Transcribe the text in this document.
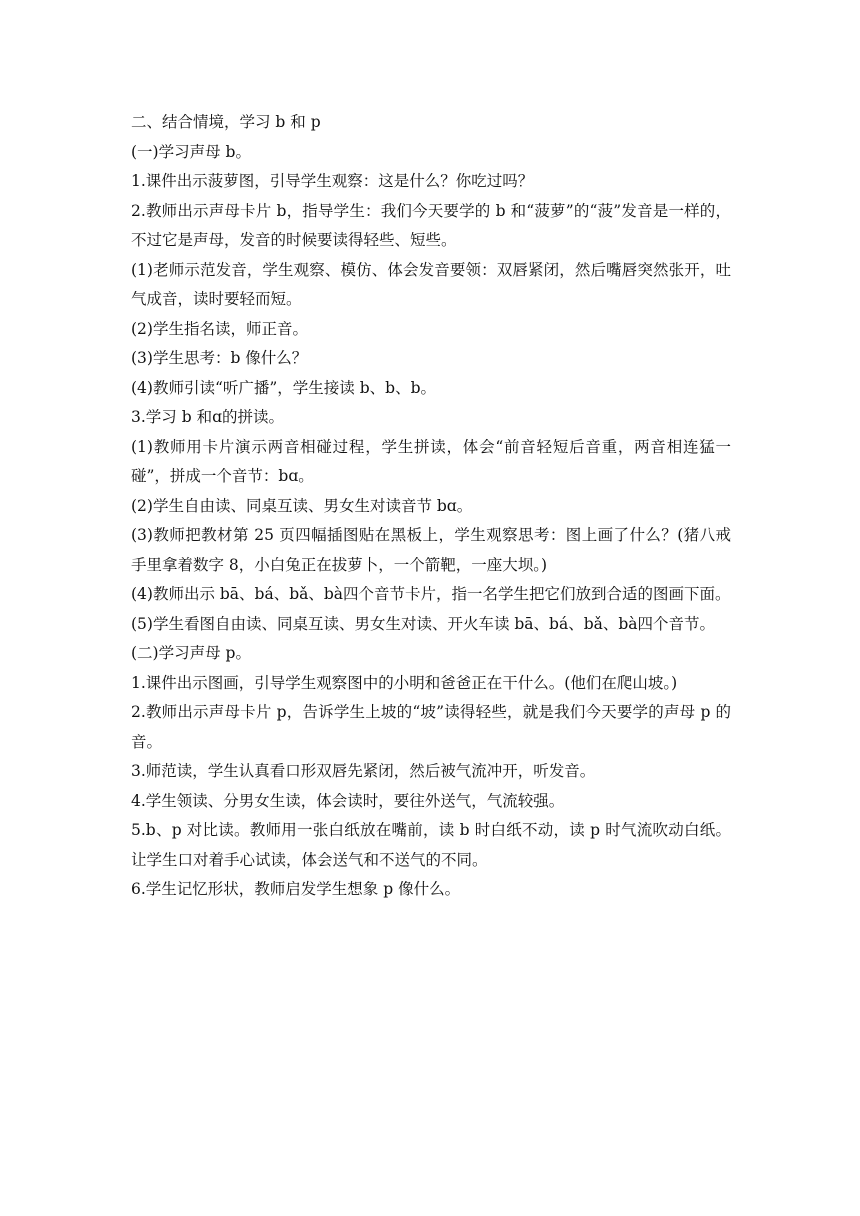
二、结合情境，学习 b 和 p

(一)学习声母 b。

1.课件出示菠萝图，引导学生观察：这是什么？你吃过吗？

2.教师出示声母卡片 b，指导学生：我们今天要学的 b 和“菠萝”的“菠”发音是一样的，不过它是声母，发音的时候要读得轻些、短些。

(1)老师示范发音，学生观察、模仿、体会发音要领：双唇紧闭，然后嘴唇突然张开，吐气成音，读时要轻而短。

(2)学生指名读，师正音。

(3)学生思考：b 像什么？

(4)教师引读“听广播”，学生接读 b、b、b。

3.学习 b 和ɑ的拼读。

(1)教师用卡片演示两音相碰过程，学生拼读，体会“前音轻短后音重，两音相连猛一碰”，拼成一个音节：bɑ。

(2)学生自由读、同桌互读、男女生对读音节 bɑ。

(3)教师把教材第 25 页四幅插图贴在黑板上，学生观察思考：图上画了什么？(猪八戒手里拿着数字 8，小白兔正在拔萝卜，一个箭靶，一座大坝。)

(4)教师出示 bā、bá、bǎ、bà四个音节卡片，指一名学生把它们放到合适的图画下面。

(5)学生看图自由读、同桌互读、男女生对读、开火车读 bā、bá、bǎ、bà四个音节。

(二)学习声母 p。

1.课件出示图画，引导学生观察图中的小明和爸爸正在干什么。(他们在爬山坡。)

2.教师出示声母卡片 p，告诉学生上坡的“坡”读得轻些，就是我们今天要学的声母 p 的音。

3.师范读，学生认真看口形双唇先紧闭，然后被气流冲开，听发音。

4.学生领读、分男女生读，体会读时，要往外送气，气流较强。

5.b、p 对比读。教师用一张白纸放在嘴前，读 b 时白纸不动，读 p 时气流吹动白纸。让学生口对着手心试读，体会送气和不送气的不同。

6.学生记忆形状，教师启发学生想象 p 像什么。
